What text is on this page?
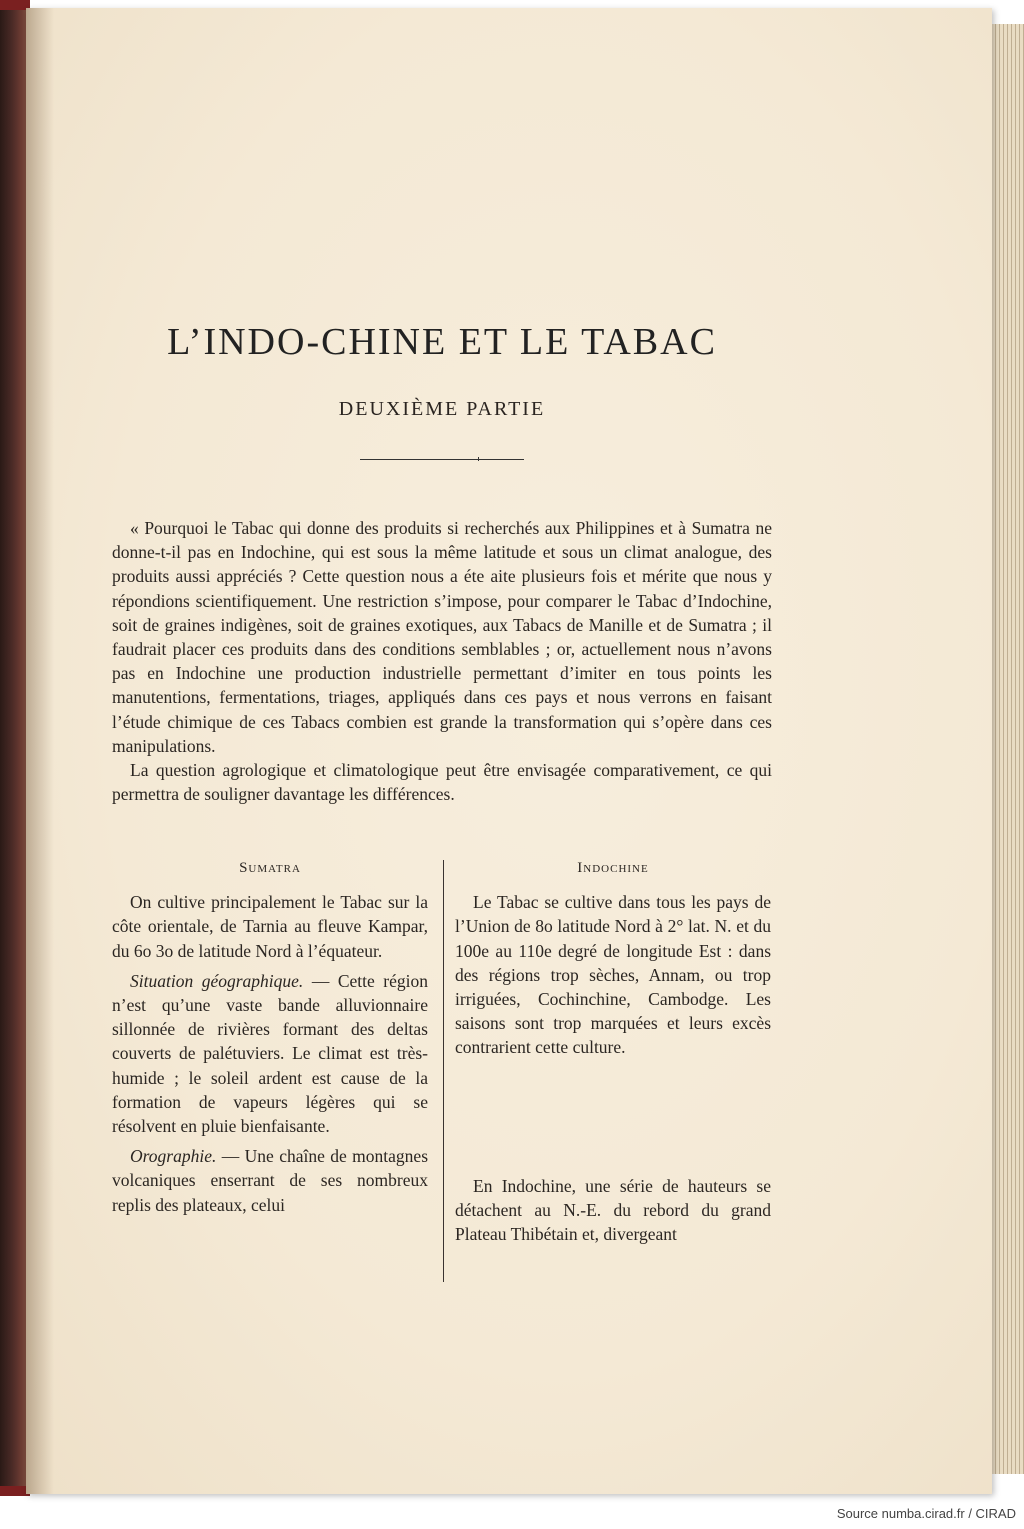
L’INDO-CHINE ET LE TABAC
DEUXIÈME PARTIE

« Pourquoi le Tabac qui donne des produits si recherchés aux Philippines et à Sumatra ne donne-t-il pas en Indochine, qui est sous la même latitude et sous un climat analogue, des produits aussi appréciés ? Cette question nous a éte aite plusieurs fois et mérite que nous y répondions scientifiquement. Une restriction s’impose, pour comparer le Tabac d’Indochine, soit de graines indigènes, soit de graines exotiques, aux Tabacs de Manille et de Sumatra ; il faudrait placer ces produits dans des conditions semblables ; or, actuellement nous n’avons pas en Indochine une production industrielle permettant d’imiter en tous points les manutentions, fermentations, triages, appliqués dans ces pays et nous verrons en faisant l’étude chimique de ces Tabacs combien est grande la transformation qui s’opère dans ces manipulations.

La question agrologique et climatologique peut être envisagée comparativement, ce qui permettra de souligner davantage les différences.

Sumatra

On cultive principalement le Tabac sur la côte orientale, de Tarnia au fleuve Kampar, du 6o 3o de latitude Nord à l’équateur.

Situation géographique. — Cette région n’est qu’une vaste bande alluvionnaire sillonnée de rivières formant des deltas couverts de palétuviers. Le climat est très-humide ; le soleil ardent est cause de la formation de vapeurs légères qui se résolvent en pluie bienfaisante.

Orographie. — Une chaîne de montagnes volcaniques enserrant de ses nombreux replis des plateaux, celui

Indochine

Le Tabac se cultive dans tous les pays de l’Union de 8o latitude Nord à 2° lat. N. et du 100e au 110e degré de longitude Est : dans des régions trop sèches, Annam, ou trop irriguées, Cochinchine, Cambodge. Les saisons sont trop marquées et leurs excès contrarient cette culture.

En Indochine, une série de hauteurs se détachent au N.-E. du rebord du grand Plateau Thibétain et, divergeant

Source numba.cirad.fr / CIRAD
